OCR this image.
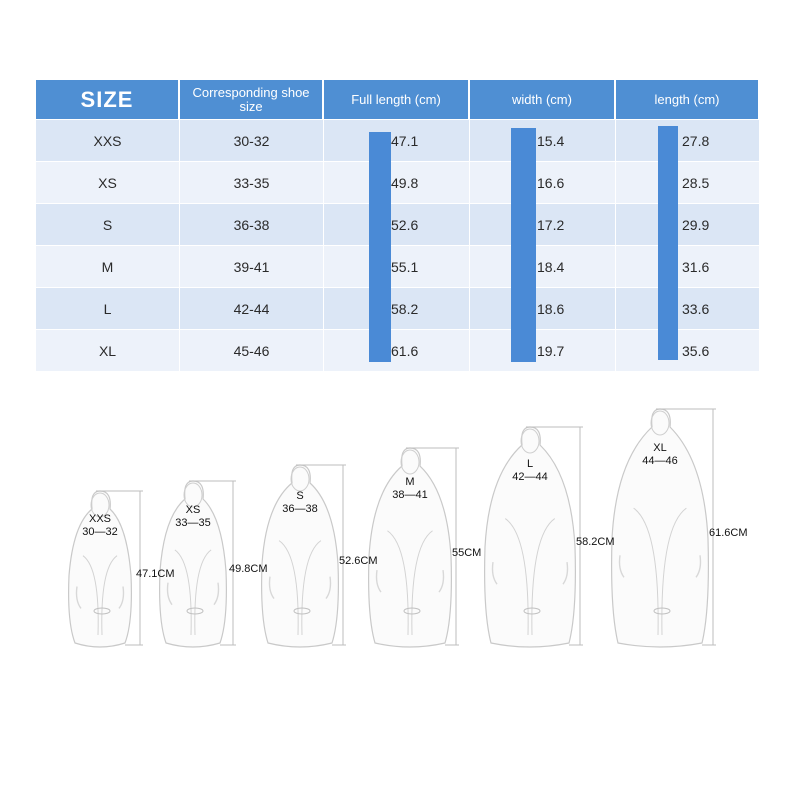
SIZE	Corresponding shoe size	Full length (cm)	width (cm)	length (cm)
XXS	30-32	47.1	15.4	27.8
XS	33-35	49.8	16.6	28.5
S	36-38	52.6	17.2	29.9
M	39-41	55.1	18.4	31.6
L	42-44	58.2	18.6	33.6
XL	45-46	61.6	19.7	35.6
XXS
30—32
47.1CM
XS
33—35
49.8CM
S
36—38
52.6CM
M
38—41
55CM
L
42—44
58.2CM
XL
44—46
61.6CM
